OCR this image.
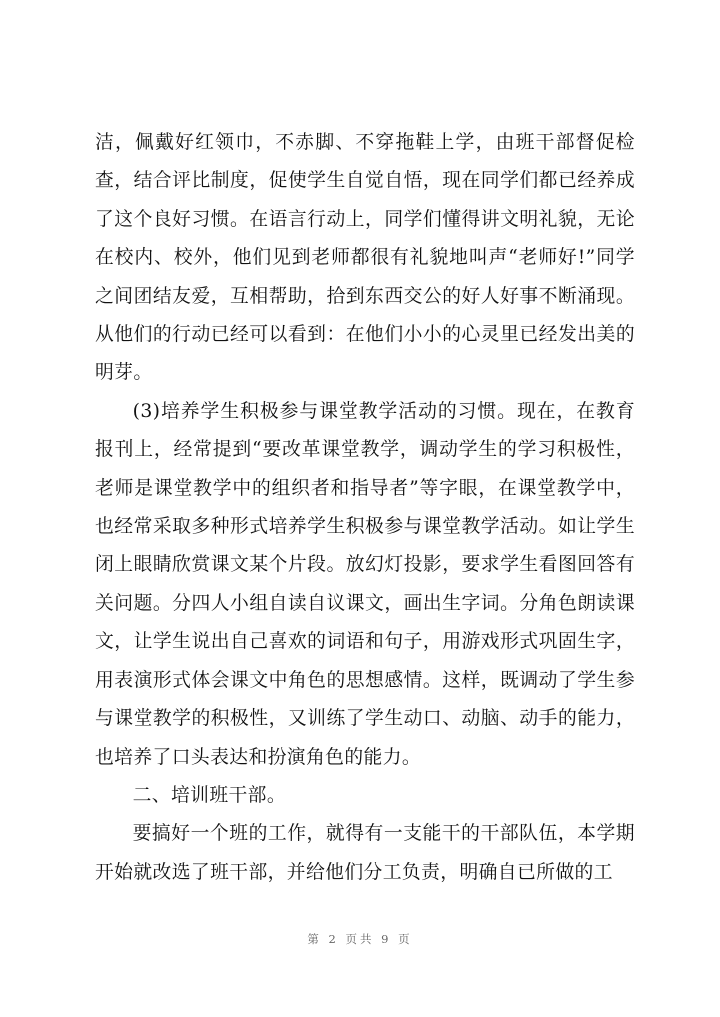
洁，佩戴好红领巾，不赤脚、不穿拖鞋上学，由班干部督促检查，结合评比制度，促使学生自觉自悟，现在同学们都已经养成了这个良好习惯。在语言行动上，同学们懂得讲文明礼貌，无论在校内、校外，他们见到老师都很有礼貌地叫声“老师好!”同学之间团结友爱，互相帮助，拾到东西交公的好人好事不断涌现。从他们的行动已经可以看到：在他们小小的心灵里已经发出美的明芽。

(3)培养学生积极参与课堂教学活动的习惯。现在，在教育报刊上，经常提到“要改革课堂教学，调动学生的学习积极性，老师是课堂教学中的组织者和指导者”等字眼，在课堂教学中，也经常采取多种形式培养学生积极参与课堂教学活动。如让学生闭上眼睛欣赏课文某个片段。放幻灯投影，要求学生看图回答有关问题。分四人小组自读自议课文，画出生字词。分角色朗读课文，让学生说出自己喜欢的词语和句子，用游戏形式巩固生字，用表演形式体会课文中角色的思想感情。这样，既调动了学生参与课堂教学的积极性，又训练了学生动口、动脑、动手的能力，也培养了口头表达和扮演角色的能力。

二、培训班干部。

要搞好一个班的工作，就得有一支能干的干部队伍，本学期开始就改选了班干部，并给他们分工负责，明确自已所做的工

第 2 页共 9 页
